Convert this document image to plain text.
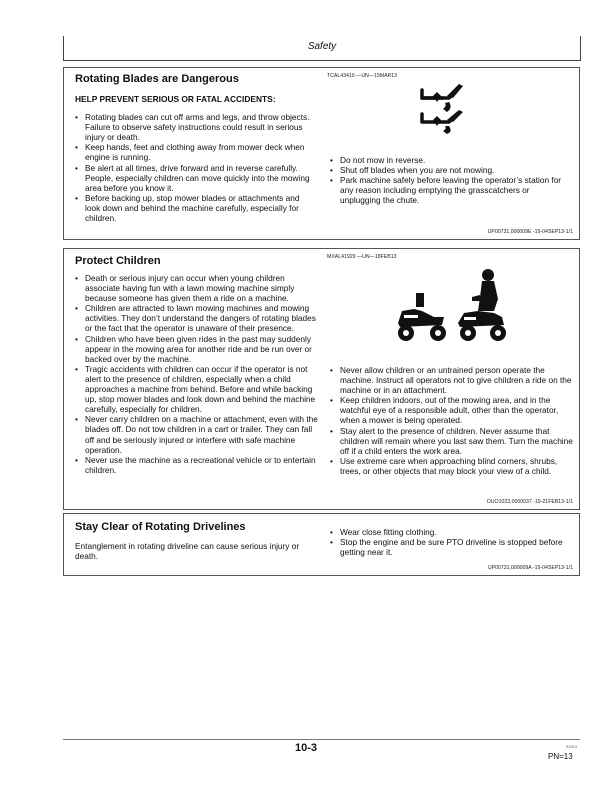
Safety
Rotating Blades are Dangerous	TCAL43410 —UN—15MAR13
HELP PREVENT SERIOUS OR FATAL ACCIDENTS:
• Rotating blades can cut off arms and legs, and throw objects. Failure to observe safety instructions could result in serious injury or death.
• Keep hands, feet and clothing away from mower deck when engine is running.
• Be alert at all times, drive forward and in reverse carefully. People, especially children can move quickly into the mowing area before you know it.
• Before backing up, stop mower blades or attachments and look down and behind the machine carefully, especially for children.
• Do not mow in reverse.
• Shut off blades when you are not mowing.
• Park machine safely before leaving the operator’s station for any reason including emptying the grasscatchers or unplugging the chute.
UP00731,000009E -19-04SEP13-1/1
Protect Children	MXAL41929 —UN—18FEB13
• Death or serious injury can occur when young children associate having fun with a lawn mowing machine simply because someone has given them a ride on a machine.
• Children are attracted to lawn mowing machines and mowing activities. They don’t understand the dangers of rotating blades or the fact that the operator is unaware of their presence.
• Children who have been given rides in the past may suddenly appear in the mowing area for another ride and be run over or backed over by the machine.
• Tragic accidents with children can occur if the operator is not alert to the presence of children, especially when a child approaches a machine from behind. Before and while backing up, stop mower blades and look down and behind the machine carefully, especially for children.
• Never carry children on a machine or attachment, even with the blades off. Do not tow children in a cart or trailer. They can fall off and be seriously injured or interfere with safe machine operation.
• Never use the machine as a recreational vehicle or to entertain children.
• Never allow children or an untrained person operate the machine. Instruct all operators not to give children a ride on the machine or in an attachment.
• Keep children indoors, out of the mowing area, and in the watchful eye of a responsible adult, other than the operator, when a mower is being operated.
• Stay alert to the presence of children. Never assume that children will remain where you last saw them. Turn the machine off if a child enters the work area.
• Use extreme care when approaching blind corners, shrubs, trees, or other objects that may block your view of a child.
OUO1023,0000037 -19-21FEB13-1/1
Stay Clear of Rotating Drivelines
Entanglement in rotating driveline can cause serious injury or death.
• Wear close fitting clothing.
• Stop the engine and be sure PTO driveline is stopped before getting near it.
UP00731,000009A -19-04SEP13-1/1
10-3	92013
PN=13
